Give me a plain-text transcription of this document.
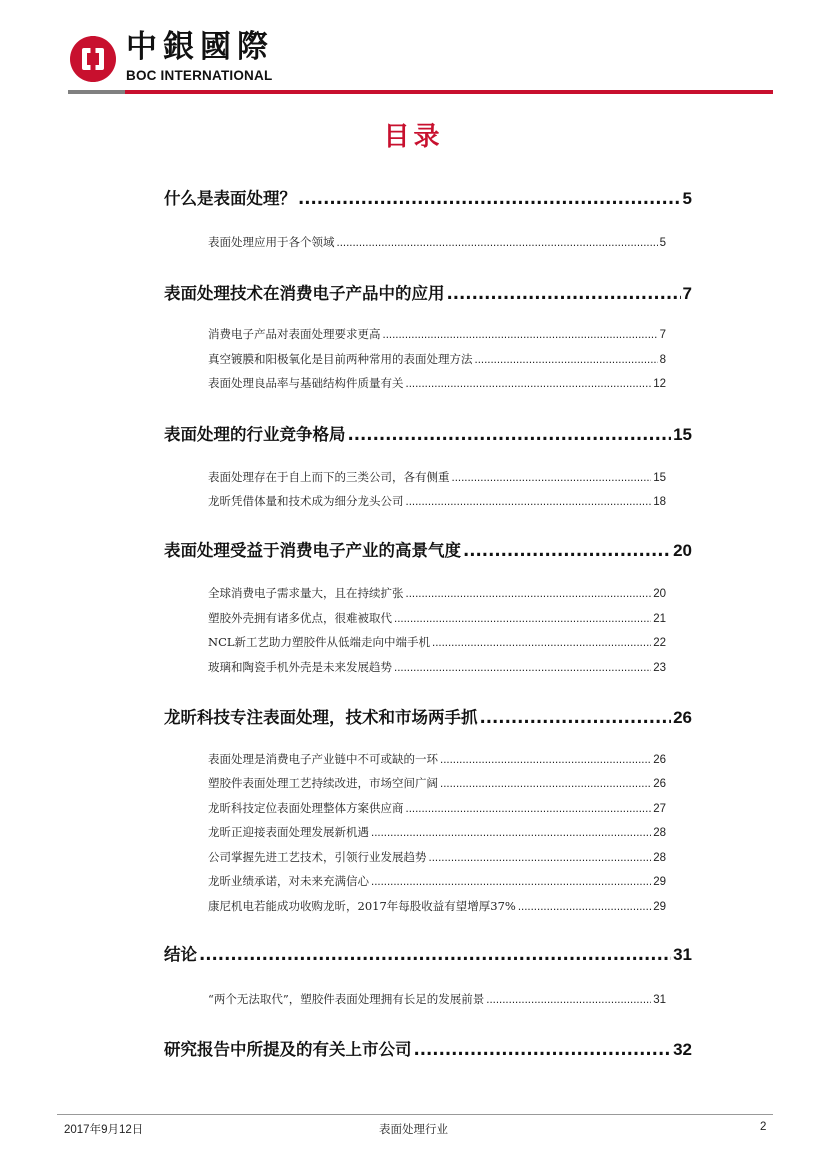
中銀國際
BOC INTERNATIONAL
目录
什么是表面处理？ .....	5
表面处理应用于各个领域 .....	5
表面处理技术在消费电子产品中的应用 .....	7
消费电子产品对表面处理要求更高 .....	7
真空镀膜和阳极氧化是目前两种常用的表面处理方法 .....	8
表面处理良品率与基础结构件质量有关 .....	12
表面处理的行业竞争格局 .....	15
表面处理存在于自上而下的三类公司，各有侧重 .....	15
龙昕凭借体量和技术成为细分龙头公司 .....	18
表面处理受益于消费电子产业的高景气度 .....	20
全球消费电子需求量大，且在持续扩张 .....	20
塑胶外壳拥有诸多优点，很难被取代 .....	21
NCL新工艺助力塑胶件从低端走向中端手机 .....	22
玻璃和陶瓷手机外壳是未来发展趋势 .....	23
龙昕科技专注表面处理，技术和市场两手抓 .....	26
表面处理是消费电子产业链中不可或缺的一环 .....	26
塑胶件表面处理工艺持续改进，市场空间广阔 .....	26
龙昕科技定位表面处理整体方案供应商 .....	27
龙昕正迎接表面处理发展新机遇 .....	28
公司掌握先进工艺技术，引领行业发展趋势 .....	28
龙昕业绩承诺，对未来充满信心 .....	29
康尼机电若能成功收购龙昕，2017年每股收益有望增厚37% .....	29
结论 .....	31
“两个无法取代”，塑胶件表面处理拥有长足的发展前景 .....	31
研究报告中所提及的有关上市公司 .....	32
2017年9月12日	表面处理行业	2
